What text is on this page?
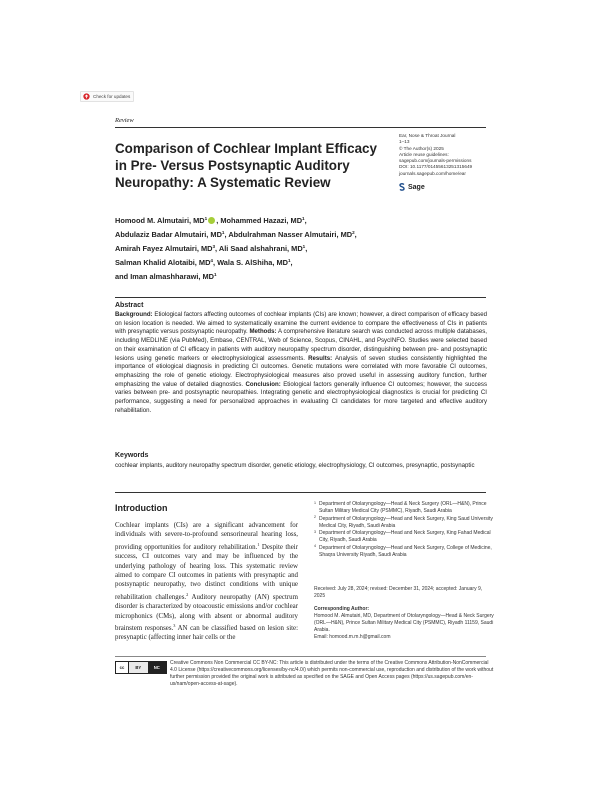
Check for updates
Review
Comparison of Cochlear Implant Efficacy in Pre- Versus Postsynaptic Auditory Neuropathy: A Systematic Review
Ear, Nose & Throat Journal
1–13
© The Author(s) 2025
Article reuse guidelines:
sagepub.com/journals-permissions
DOI: 10.1177/01455613251315649
journals.sagepub.com/home/ear
Sage
Homood M. Almutairi, $MD^1$ , Mohammed Hazazi, $MD^1$,
Abdulaziz Badar Almutairi, $MD^1$, Abdulrahman Nasser Almutairi, $MD^2$,
Amirah Fayez Almutairi, $MD^3$, Ali Saad alshahrani, $MD^1$,
Salman Khalid Alotaibi, $MD^4$, Wala S. AlShiha, $MD^1$,
and Iman almashharawi, $MD^1$
Abstract
Background: Etiological factors affecting outcomes of cochlear implants (CIs) are known; however, a direct comparison of efficacy based on lesion location is needed. We aimed to systematically examine the current evidence to compare the effectiveness of CIs in patients with presynaptic versus postsynaptic neuropathy. Methods: A comprehensive literature search was conducted across multiple databases, including MEDLINE (via PubMed), Embase, CENTRAL, Web of Science, Scopus, CINAHL, and PsycINFO. Studies were selected based on their examination of CI efficacy in patients with auditory neuropathy spectrum disorder, distinguishing between pre- and postsynaptic lesions using genetic markers or electrophysiological assessments. Results: Analysis of seven studies consistently highlighted the importance of etiological diagnosis in predicting CI outcomes. Genetic mutations were correlated with more favorable CI outcomes, emphasizing the role of genetic etiology. Electrophysiological measures also proved useful in assessing auditory function, further emphasizing the value of detailed diagnostics. Conclusion: Etiological factors generally influence CI outcomes; however, the success varies between pre- and postsynaptic neuropathies. Integrating genetic and electrophysiological diagnostics is crucial for predicting CI performance, suggesting a need for personalized approaches in evaluating CI candidates for more targeted and effective auditory rehabilitation.
Keywords
cochlear implants, auditory neuropathy spectrum disorder, genetic etiology, electrophysiology, CI outcomes, presynaptic, postsynaptic
Introduction
Cochlear implants (CIs) are a significant advancement for individuals with severe-to-profound sensorineural hearing loss, providing opportunities for auditory rehabilitation.$^1$ Despite their success, CI outcomes vary and may be influenced by the underlying pathology of hearing loss. This systematic review aimed to compare CI outcomes in patients with presynaptic and postsynaptic neuropathy, two distinct conditions with unique rehabilitation challenges.$^2$ Auditory neuropathy (AN) spectrum disorder is characterized by otoacoustic emissions and/or cochlear microphonics (CMs), along with absent or abnormal auditory brainstem responses.$^3$ AN can be classified based on lesion site: presynaptic (affecting inner hair cells or the
1 Department of Otolaryngology—Head & Neck Surgery (ORL—H&N), Prince Sultan Military Medical City (PSMMC), Riyadh, Saudi Arabia
2 Department of Otolaryngology—Head and Neck Surgery, King Saud University Medical City, Riyadh, Saudi Arabia
3 Department of Otolaryngology—Head and Neck Surgery, King Fahad Medical City, Riyadh, Saudi Arabia
4 Department of Otolaryngology—Head and Neck Surgery, College of Medicine, Shaqra University Riyadh, Saudi Arabia
Received: July 28, 2024; revised: December 31, 2024; accepted: January 9, 2025
Corresponding Author:
Homood M. Almutairi, MD, Department of Otolaryngology—Head & Neck Surgery (ORL—H&N), Prince Sultan Military Medical City (PSMMC), Riyadh 11159, Saudi Arabia.
Email: homood.m.m.h@gmail.com
cc	BY	NC
Creative Commons Non Commercial CC BY-NC: This article is distributed under the terms of the Creative Commons Attribution-NonCommercial 4.0 License (https://creativecommons.org/licenses/by-nc/4.0/) which permits non-commercial use, reproduction and distribution of the work without further permission provided the original work is attributed as specified on the SAGE and Open Access pages (https://us.sagepub.com/en-us/nam/open-access-at-sage).
